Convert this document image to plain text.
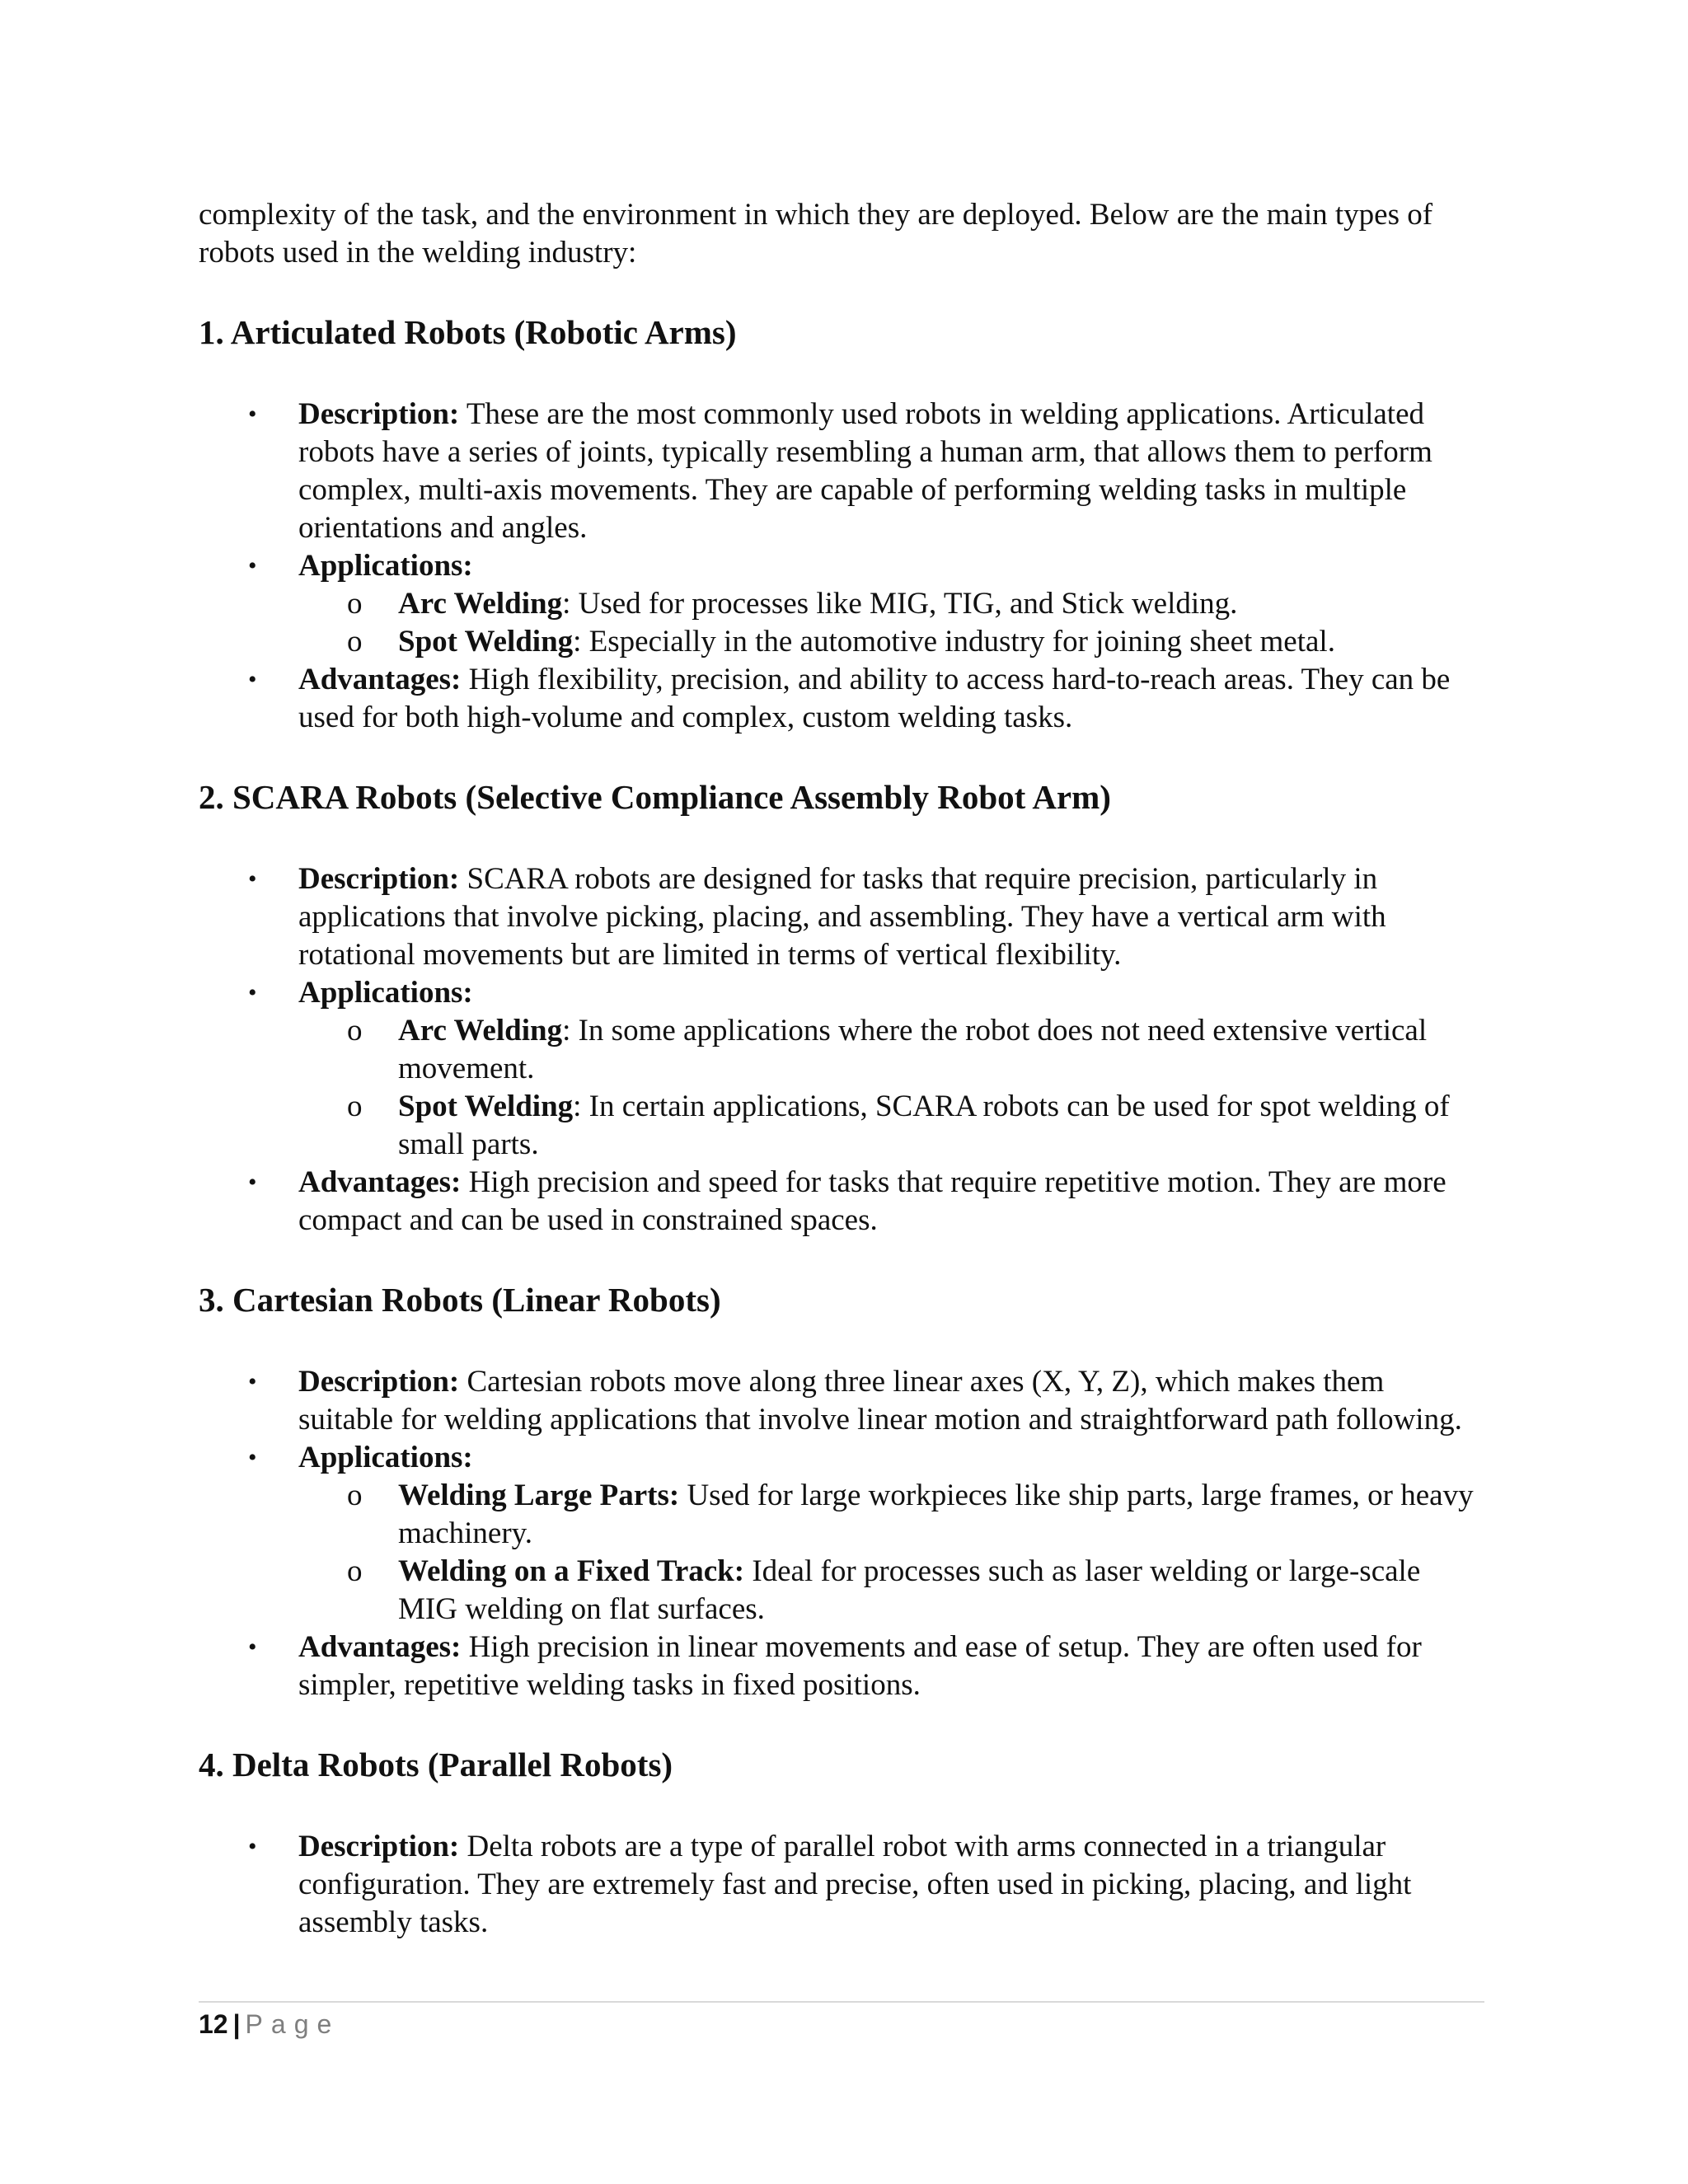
complexity of the task, and the environment in which they are deployed. Below are the main types of robots used in the welding industry:

1. Articulated Robots (Robotic Arms)
• Description: These are the most commonly used robots in welding applications. Articulated robots have a series of joints, typically resembling a human arm, that allows them to perform complex, multi-axis movements. They are capable of performing welding tasks in multiple orientations and angles.
• Applications:
o Arc Welding: Used for processes like MIG, TIG, and Stick welding.
o Spot Welding: Especially in the automotive industry for joining sheet metal.
• Advantages: High flexibility, precision, and ability to access hard-to-reach areas. They can be used for both high-volume and complex, custom welding tasks.
2. SCARA Robots (Selective Compliance Assembly Robot Arm)
• Description: SCARA robots are designed for tasks that require precision, particularly in applications that involve picking, placing, and assembling. They have a vertical arm with rotational movements but are limited in terms of vertical flexibility.
• Applications:
o Arc Welding: In some applications where the robot does not need extensive vertical movement.
o Spot Welding: In certain applications, SCARA robots can be used for spot welding of small parts.
• Advantages: High precision and speed for tasks that require repetitive motion. They are more compact and can be used in constrained spaces.
3. Cartesian Robots (Linear Robots)
• Description: Cartesian robots move along three linear axes (X, Y, Z), which makes them suitable for welding applications that involve linear motion and straightforward path following.
• Applications:
o Welding Large Parts: Used for large workpieces like ship parts, large frames, or heavy machinery.
o Welding on a Fixed Track: Ideal for processes such as laser welding or large-scale MIG welding on flat surfaces.
• Advantages: High precision in linear movements and ease of setup. They are often used for simpler, repetitive welding tasks in fixed positions.
4. Delta Robots (Parallel Robots)
• Description: Delta robots are a type of parallel robot with arms connected in a triangular configuration. They are extremely fast and precise, often used in picking, placing, and light assembly tasks.
12 | Page
